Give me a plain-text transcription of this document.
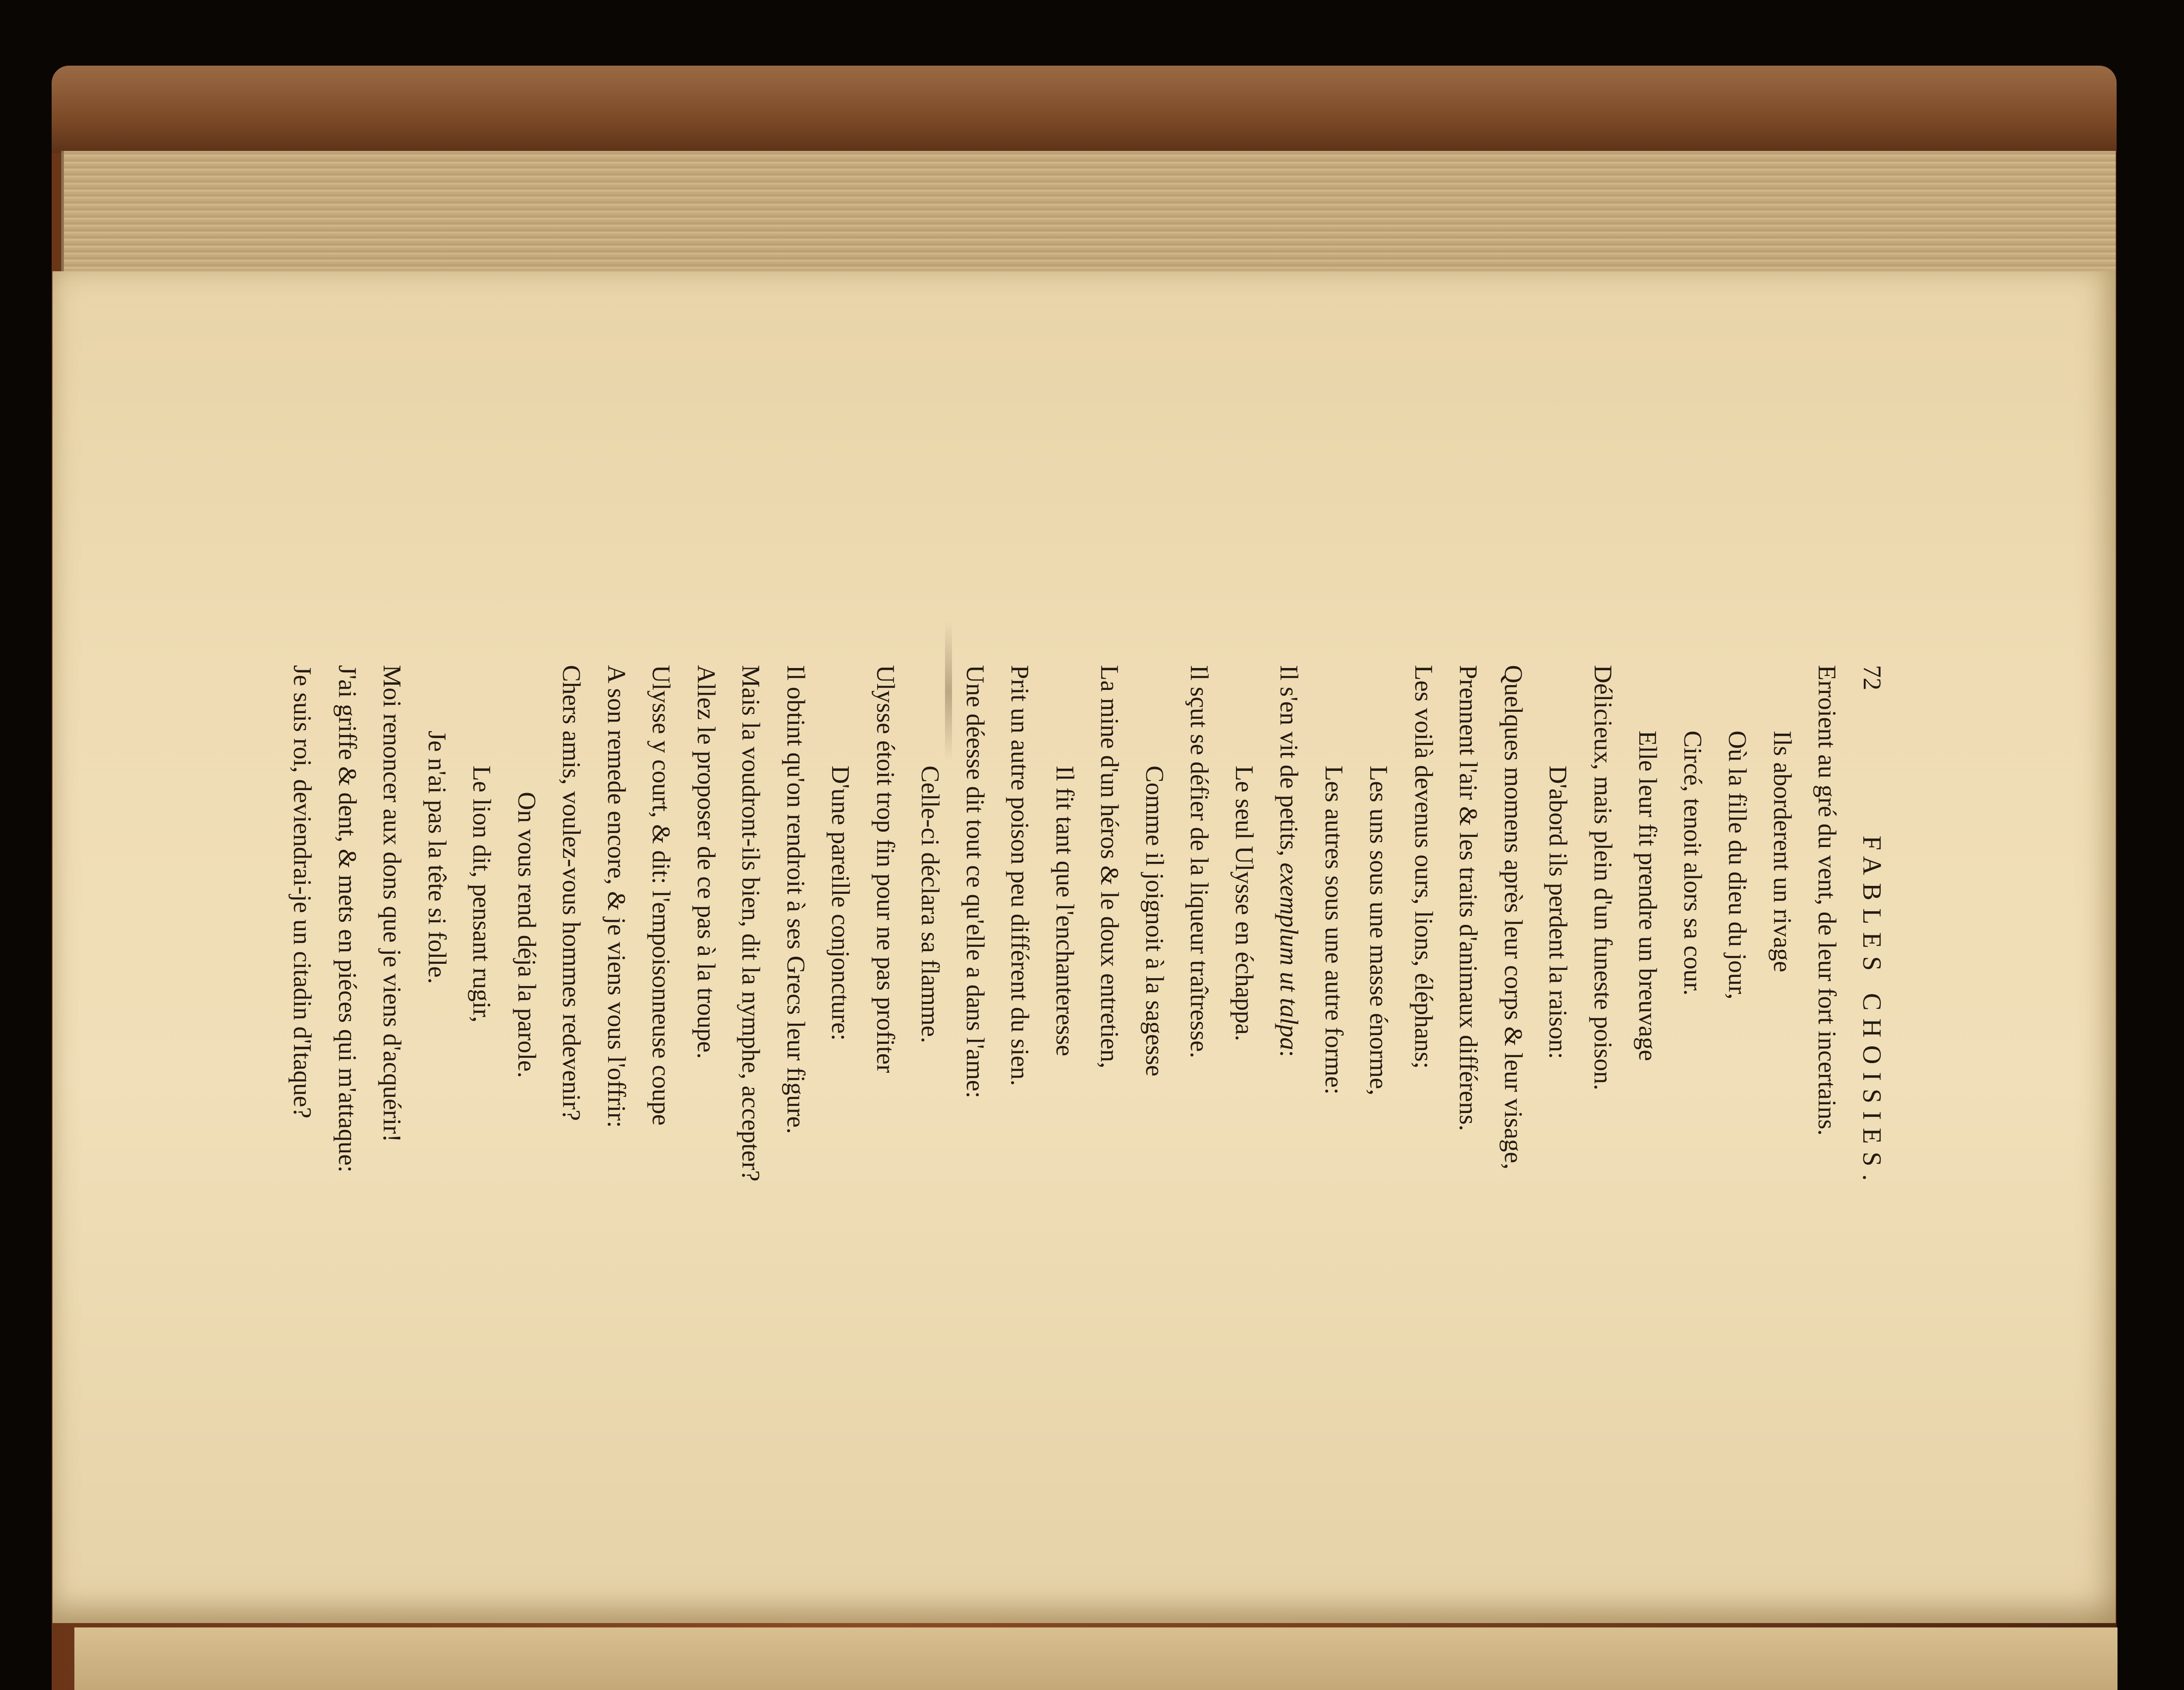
72
FABLES CHOISIES.
Erroient au gré du vent, de leur fort incertains.
Ils aborderent un rivage
Où la fille du dieu du jour,
Circé, tenoit alors sa cour.
Elle leur fit prendre un breuvage
Délicieux, mais plein d'un funeste poison.
D'abord ils perdent la raison:
Quelques momens après leur corps & leur visage,
Prennent l'air & les traits d'animaux différens.
Les voilà devenus ours, lions, éléphans;
Les uns sous une masse énorme,
Les autres sous une autre forme:
Il s'en vit de petits, exemplum ut talpa:
Le seul Ulysse en échappa.
Il sçut se défier de la liqueur traîtresse.
Comme il joignoit à la sagesse
La mine d'un héros & le doux entretien,
Il fit tant que l'enchanteresse
Prit un autre poison peu différent du sien.
Une déesse dit tout ce qu'elle a dans l'ame:
Celle-ci déclara sa flamme.
Ulysse étoit trop fin pour ne pas profiter
D'une pareille conjoncture:
Il obtint qu'on rendroit à ses Grecs leur figure.
Mais la voudront-ils bien, dit la nymphe, accepter?
Allez le proposer de ce pas à la troupe.
Ulysse y court, & dit: l'empoisonneuse coupe
A son remede encore, & je viens vous l'offrir:
Chers amis, voulez-vous hommes redevenir?
On vous rend déja la parole.
Le lion dit, pensant rugir,
Je n'ai pas la tête si folle.
Moi renoncer aux dons que je viens d'acquérir!
J'ai griffe & dent, & mets en piéces qui m'attaque:
Je suis roi, deviendrai-je un citadin d'Itaque?
